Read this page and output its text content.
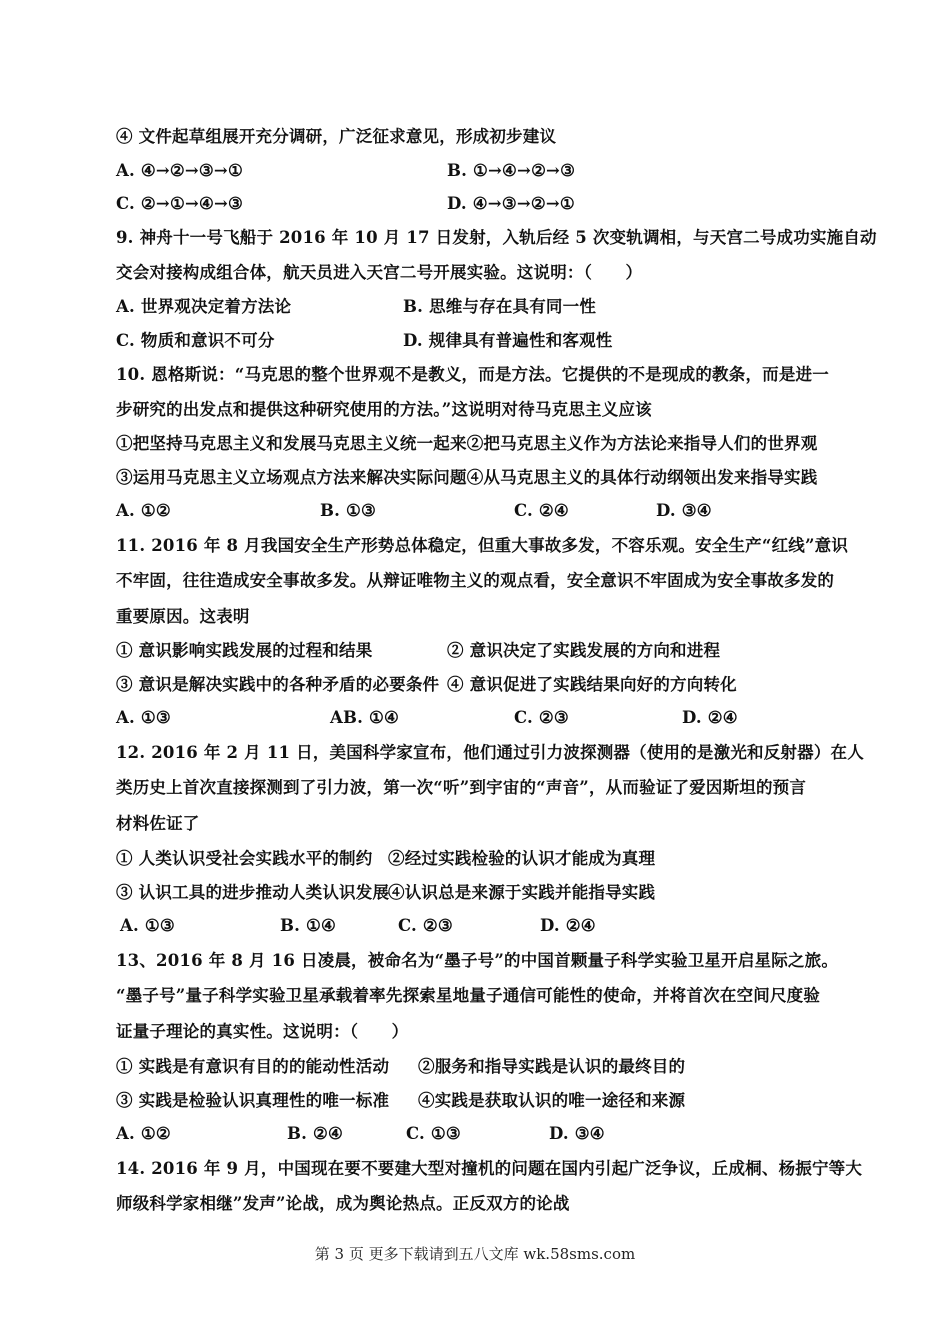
④ 文件起草组展开充分调研，广泛征求意见，形成初步建议
A. ④→②→③→①	B. ①→④→②→③
C. ②→①→④→③	D. ④→③→②→①
9. 神舟十一号飞船于 2016 年 10 月 17 日发射，入轨后经 5 次变轨调相，与天宫二号成功实施自动
交会对接构成组合体，航天员进入天宫二号开展实验。这说明：（　　）
A. 世界观决定着方法论	B. 思维与存在具有同一性
C. 物质和意识不可分	D. 规律具有普遍性和客观性
10. 恩格斯说：“马克思的整个世界观不是教义，而是方法。它提供的不是现成的教条，而是进一
步研究的出发点和提供这种研究使用的方法。”这说明对待马克思主义应该
①把坚持马克思主义和发展马克思主义统一起来②把马克思主义作为方法论来指导人们的世界观
③运用马克思主义立场观点方法来解决实际问题④从马克思主义的具体行动纲领出发来指导实践
A. ①②	B. ①③	C. ②④	D. ③④
11. 2016 年 8 月我国安全生产形势总体稳定，但重大事故多发，不容乐观。安全生产“红线”意识
不牢固，往往造成安全事故多发。从辩证唯物主义的观点看，安全意识不牢固成为安全事故多发的
重要原因。这表明
① 意识影响实践发展的过程和结果	② 意识决定了实践发展的方向和进程
③ 意识是解决实践中的各种矛盾的必要条件 ④ 意识促进了实践结果向好的方向转化
A. ①③	AB. ①④	C. ②③	D. ②④
12. 2016 年 2 月 11 日，美国科学家宣布，他们通过引力波探测器（使用的是激光和反射器）在人
类历史上首次直接探测到了引力波，第一次“听”到宇宙的“声音”，从而验证了爱因斯坦的预言
材料佐证了
① 人类认识受社会实践水平的制约 ②经过实践检验的认识才能成为真理
③ 认识工具的进步推动人类认识发展
④认识总是来源于实践并能指导实践
A. ①③	B. ①④	C. ②③	D. ②④
13、2016 年 8 月 16 日凌晨，被命名为“墨子号”的中国首颗量子科学实验卫星开启星际之旅。
“墨子号”量子科学实验卫星承载着率先探索星地量子通信可能性的使命，并将首次在空间尺度验
证量子理论的真实性。这说明：（　　）
① 实践是有意识有目的的能动性活动 ②服务和指导实践是认识的最终目的
③ 实践是检验认识真理性的唯一标准 ④实践是获取认识的唯一途径和来源
A. ①②	B. ②④	C. ①③	D. ③④
14. 2016 年 9 月，中国现在要不要建大型对撞机的问题在国内引起广泛争议，丘成桐、杨振宁等大
师级科学家相继”发声”论战，成为舆论热点。正反双方的论战
第 3 页 更多下载请到五八文库 wk.58sms.com
